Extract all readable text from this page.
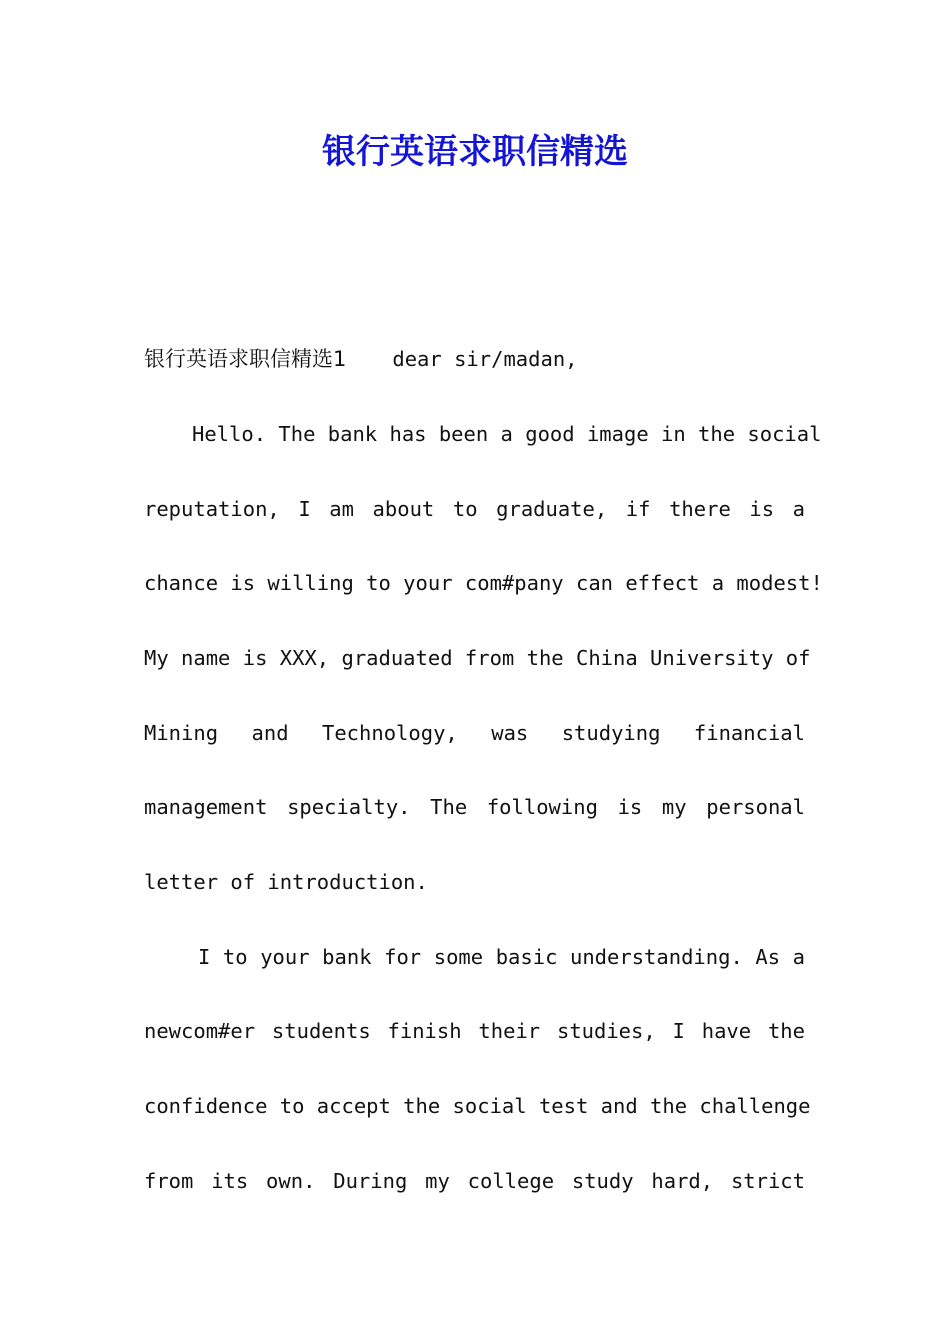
银行英语求职信精选

银行英语求职信精选1 dear sir/madan,

Hello. The bank has been a good image in the social

reputation, I am about to graduate, if there is a

chance is willing to your com#pany can effect a modest!

My name is XXX, graduated from the China University of

Mining and Technology, was studying financial

management specialty. The following is my personal

letter of introduction.

I to your bank for some basic understanding. As a

newcom#er students finish their studies, I have the

confidence to accept the social test and the challenge

from its own. During my college study hard, strict
